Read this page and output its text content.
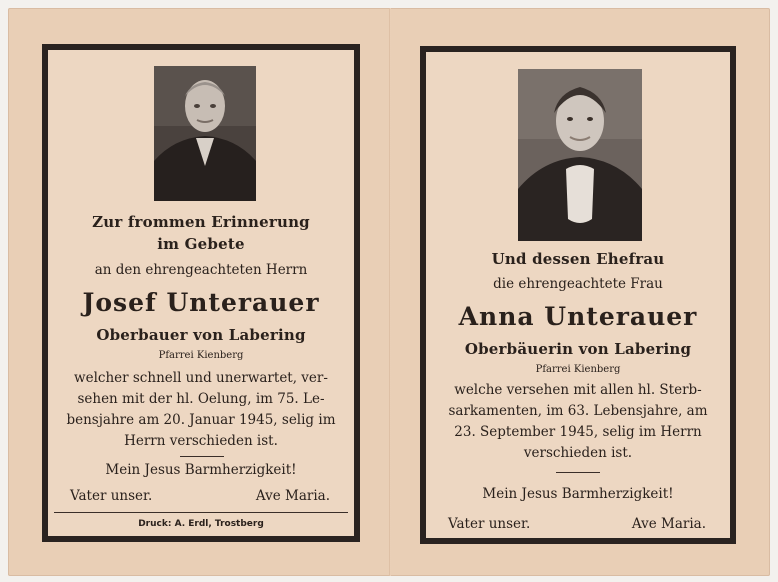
Zur frommen Erinnerung
im Gebete
an den ehrengeachteten Herrn
Josef Unterauer
Oberbauer von Labering
Pfarrei Kienberg
welcher schnell und unerwartet, ver-
sehen mit der hl. Oelung, im 75. Le-
bensjahre am 20. Januar 1945, selig im
Herrn verschieden ist.
Mein Jesus Barmherzigkeit!
Vater unser.	Ave Maria.
Druck: A. Erdl, Trostberg
Und dessen Ehefrau
die ehrengeachtete Frau
Anna Unterauer
Oberbäuerin von Labering
Pfarrei Kienberg
welche versehen mit allen hl. Sterb-
sarkamenten, im 63. Lebensjahre, am
23. September 1945, selig im Herrn
verschieden ist.
Mein Jesus Barmherzigkeit!
Vater unser.	Ave Maria.
